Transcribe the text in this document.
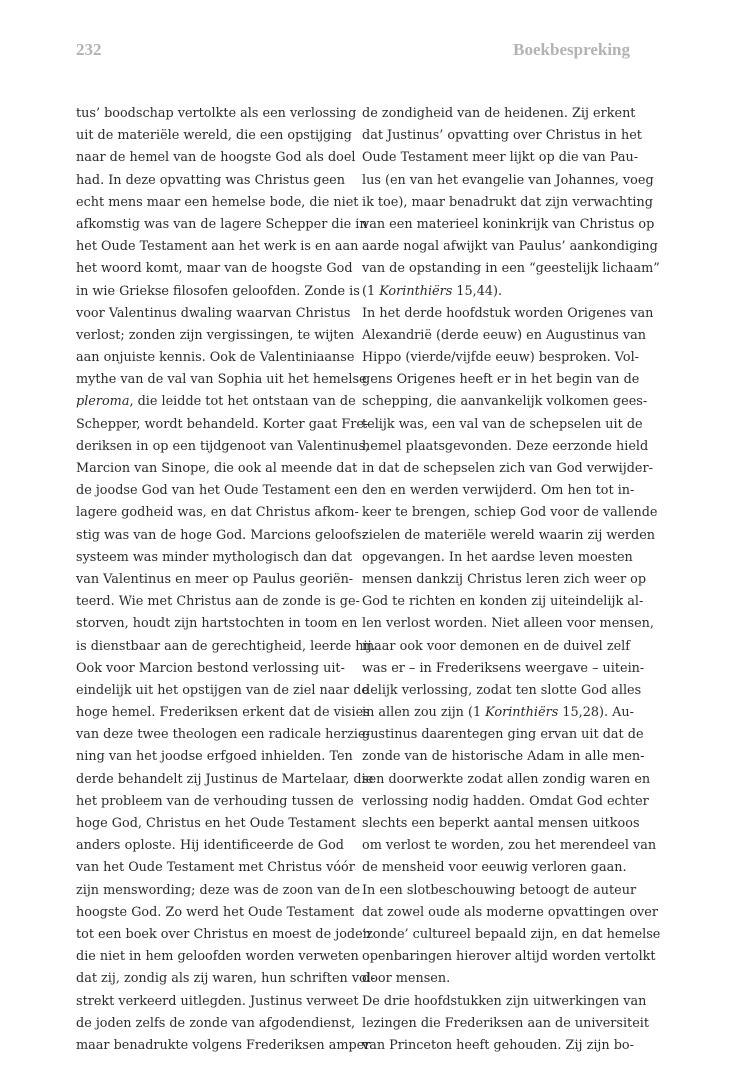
232	Boekbespreking
tus’ boodschap vertolkte als een verlossing
uit de materiële wereld, die een opstijging
naar de hemel van de hoogste God als doel
had. In deze opvatting was Christus geen
echt mens maar een hemelse bode, die niet
afkomstig was van de lagere Schepper die in
het Oude Testament aan het werk is en aan
het woord komt, maar van de hoogste God
in wie Griekse filosofen geloofden. Zonde is
voor Valentinus dwaling waarvan Christus
verlost; zonden zijn vergissingen, te wijten
aan onjuiste kennis. Ook de Valentiniaanse
mythe van de val van Sophia uit het hemelse
pleroma, die leidde tot het ontstaan van de
Schepper, wordt behandeld. Korter gaat Fre-
deriksen in op een tijdgenoot van Valentinus,
Marcion van Sinope, die ook al meende dat
de joodse God van het Oude Testament een
lagere godheid was, en dat Christus afkom-
stig was van de hoge God. Marcions geloofs-
systeem was minder mythologisch dan dat
van Valentinus en meer op Paulus georiën-
teerd. Wie met Christus aan de zonde is ge-
storven, houdt zijn hartstochten in toom en
is dienstbaar aan de gerechtigheid, leerde hij.
Ook voor Marcion bestond verlossing uit-
eindelijk uit het opstijgen van de ziel naar de
hoge hemel. Frederiksen erkent dat de visies
van deze twee theologen een radicale herzie-
ning van het joodse erfgoed inhielden. Ten
derde behandelt zij Justinus de Martelaar, die
het probleem van de verhouding tussen de
hoge God, Christus en het Oude Testament
anders oploste. Hij identificeerde de God
van het Oude Testament met Christus vóór
zijn menswording; deze was de zoon van de
hoogste God. Zo werd het Oude Testament
tot een boek over Christus en moest de joden
die niet in hem geloofden worden verweten
dat zij, zondig als zij waren, hun schriften vol-
strekt verkeerd uitlegden. Justinus verweet
de joden zelfs de zonde van afgodendienst,
maar benadrukte volgens Frederiksen amper
de zondigheid van de heidenen. Zij erkent
dat Justinus’ opvatting over Christus in het
Oude Testament meer lijkt op die van Pau-
lus (en van het evangelie van Johannes, voeg
ik toe), maar benadrukt dat zijn verwachting
van een materieel koninkrijk van Christus op
aarde nogal afwijkt van Paulus’ aankondiging
van de opstanding in een “geestelijk lichaam”
(1 Korinthiërs 15,44).
In het derde hoofdstuk worden Origenes van
Alexandrië (derde eeuw) en Augustinus van
Hippo (vierde/vijfde eeuw) besproken. Vol-
gens Origenes heeft er in het begin van de
schepping, die aanvankelijk volkomen gees-
telijk was, een val van de schepselen uit de
hemel plaatsgevonden. Deze eerzonde hield
in dat de schepselen zich van God verwijder-
den en werden verwijderd. Om hen tot in-
keer te brengen, schiep God voor de vallende
zielen de materiële wereld waarin zij werden
opgevangen. In het aardse leven moesten
mensen dankzij Christus leren zich weer op
God te richten en konden zij uiteindelijk al-
len verlost worden. Niet alleen voor mensen,
maar ook voor demonen en de duivel zelf
was er – in Frederiksens weergave – uitein-
delijk verlossing, zodat ten slotte God alles
in allen zou zijn (1 Korinthiërs 15,28). Au-
gustinus daarentegen ging ervan uit dat de
zonde van de historische Adam in alle men-
sen doorwerkte zodat allen zondig waren en
verlossing nodig hadden. Omdat God echter
slechts een beperkt aantal mensen uitkoos
om verlost te worden, zou het merendeel van
de mensheid voor eeuwig verloren gaan.
In een slotbeschouwing betoogt de auteur
dat zowel oude als moderne opvattingen over
‘zonde’ cultureel bepaald zijn, en dat hemelse
openbaringen hierover altijd worden vertolkt
door mensen.
De drie hoofdstukken zijn uitwerkingen van
lezingen die Frederiksen aan de universiteit
van Princeton heeft gehouden. Zij zijn bo-
